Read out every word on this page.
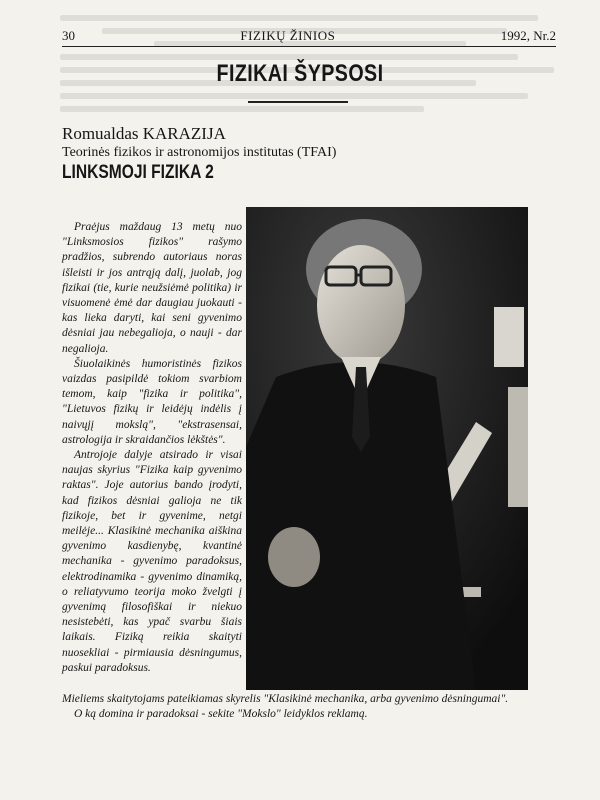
30	FIZIKŲ ŽINIOS	1992, Nr.2
FIZIKAI ŠYPSOSI
Romualdas KARAZIJA
Teorinės fizikos ir astronomijos institutas (TFAI)
LINKSMOJI FIZIKA 2

Praėjus maždaug 13 metų nuo "Linksmosios fizikos" rašymo pradžios, subrendo autoriaus noras išleisti ir jos antrąją dalį, juolab, jog fizikai (tie, kurie neužsiėmė politika) ir visuomenė ėmė dar daugiau juokauti - kas lieka daryti, kai seni gyvenimo dėsniai jau nebegalioja, o nauji - dar negalioja.

Šiuolaikinės humoristinės fizikos vaizdas pasipildė tokiom svarbiom temom, kaip "fizika ir politika", "Lietuvos fizikų ir leidėjų indėlis į naivųjį mokslą", "ekstrasensai, astrologija ir skraidančios lėkštės".

Antrojoje dalyje atsirado ir visai naujas skyrius "Fizika kaip gyvenimo raktas". Joje autorius bando įrodyti, kad fizikos dėsniai galioja ne tik fizikoje, bet ir gyvenime, netgi meilėje... Klasikinė mechanika aiškina gyvenimo kasdienybę, kvantinė mechanika - gyvenimo paradoksus, elektrodinamika - gyvenimo dinamiką, o reliatyvumo teorija moko žvelgti į gyvenimą filosofiškai ir niekuo nesistebėti, kas ypač svarbu šiais laikais. Fiziką reikia skaityti nuosekliai - pirmiausia dėsningumus, paskui paradoksus.

Mieliems skaitytojams pateikiamas skyrelis "Klasikinė mechanika, arba gyvenimo dėsningumai".

O ką domina ir paradoksai - sekite "Mokslo" leidyklos reklamą.
